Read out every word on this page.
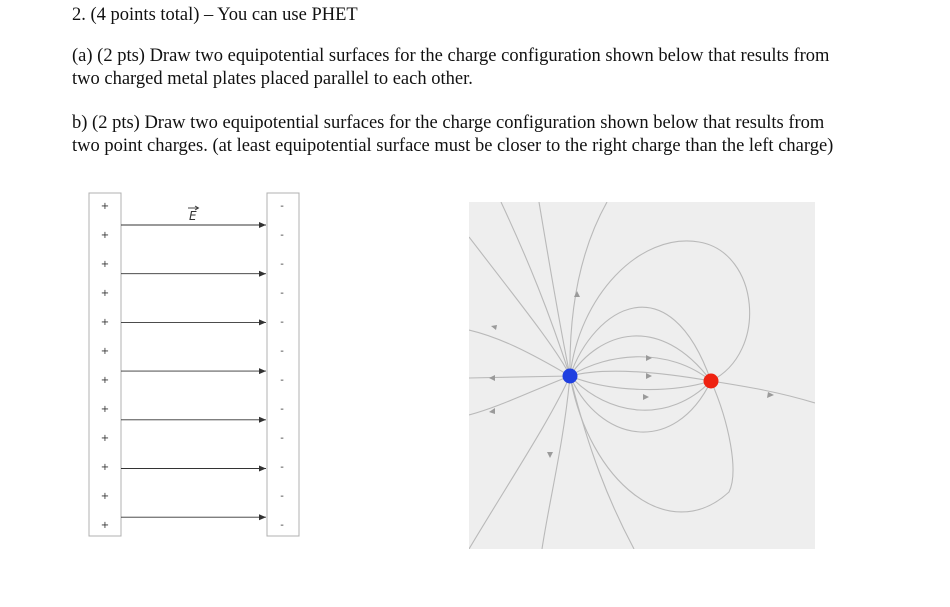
2. (4 points total) – You can use PHET
(a) (2 pts) Draw two equipotential surfaces for the charge configuration shown below that results from
two charged metal plates placed parallel to each other.
b) (2 pts) Draw two equipotential surfaces for the charge configuration shown below that results from
two point charges. (at least equipotential surface must be closer to the right charge than the left charge)
+
+
+
+
+
+
+
+
+
+
+
+
-
-
-
-
-
-
-
-
-
-
-
-
E
